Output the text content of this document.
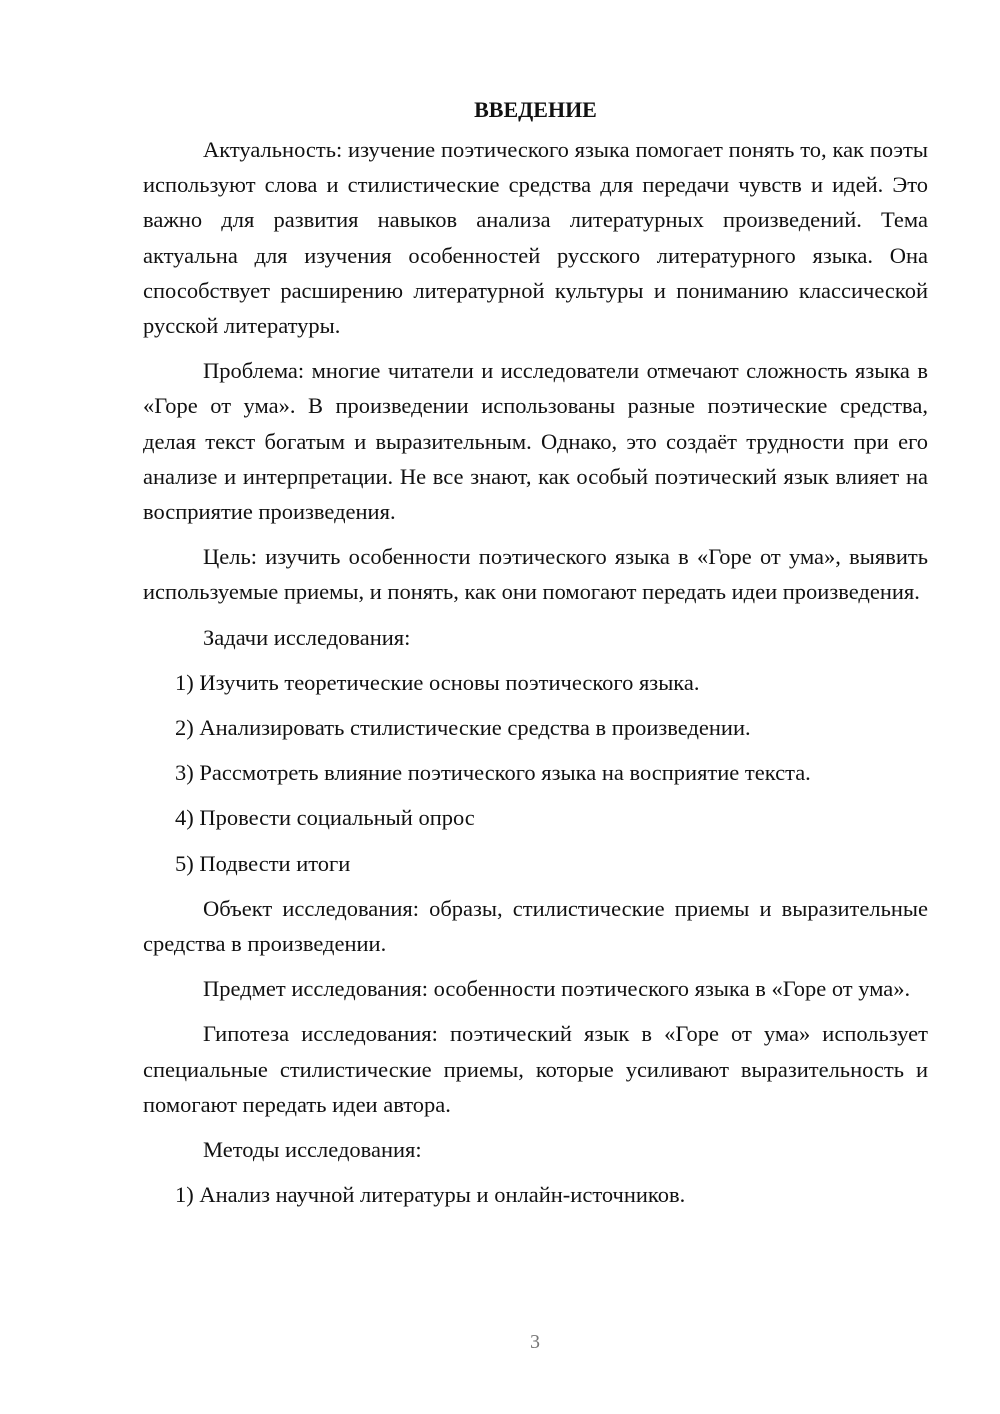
ВВЕДЕНИЕ
Актуальность: изучение поэтического языка помогает понять то, как поэты используют слова и стилистические средства для передачи чувств и идей. Это важно для развития навыков анализа литературных произведений. Тема актуальна для изучения особенностей русского литературного языка. Она способствует расширению литературной культуры и пониманию классической русской литературы.
Проблема: многие читатели и исследователи отмечают сложность языка в «Горе от ума». В произведении использованы разные поэтические средства, делая текст богатым и выразительным. Однако, это создаёт трудности при его анализе и интерпретации. Не все знают, как особый поэтический язык влияет на восприятие произведения.
Цель: изучить особенности поэтического языка в «Горе от ума», выявить используемые приемы, и понять, как они помогают передать идеи произведения.
Задачи исследования:
1) Изучить теоретические основы поэтического языка.
2) Анализировать стилистические средства в произведении.
3) Рассмотреть влияние поэтического языка на восприятие текста.
4) Провести социальный опрос
5) Подвести итоги
Объект исследования: образы, стилистические приемы и выразительные средства в произведении.
Предмет исследования: особенности поэтического языка в «Горе от ума».
Гипотеза исследования: поэтический язык в «Горе от ума» использует специальные стилистические приемы, которые усиливают выразительность и помогают передать идеи автора.
Методы исследования:
1) Анализ научной литературы и онлайн-источников.
3
